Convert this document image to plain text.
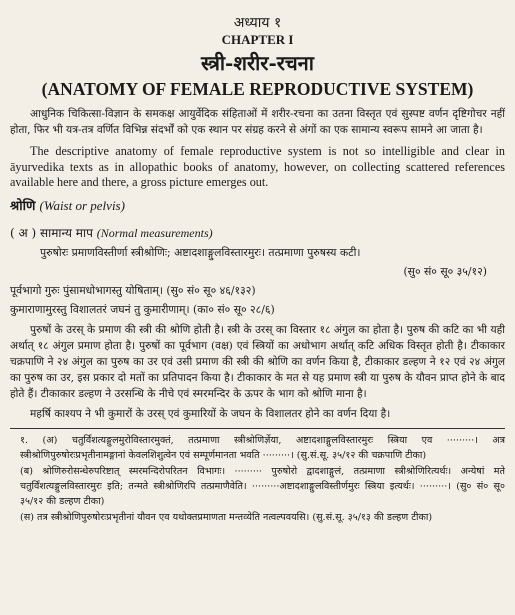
अध्याय १
CHAPTER I
स्त्री-शरीर-रचना
(ANATOMY OF FEMALE REPRODUCTIVE SYSTEM)

आधुनिक चिकित्सा-विज्ञान के समकक्ष आयुर्वेदिक संहिताओं में शरीर-रचना का उतना विस्तृत एवं सुस्पष्ट वर्णन दृष्टिगोचर नहीं होता, फिर भी यत्र-तत्र वर्णित विभिन्न संदर्भों को एक स्थान पर संग्रह करने से अंगों का एक सामान्य स्वरूप सामने आ जाता है।

The descriptive anatomy of female reproductive system is not so intelligible and clear in āyurvedika texts as in allopathic books of anatomy, however, on collecting scattered references available here and there, a gross picture emerges out.

श्रोणि (Waist or pelvis)
( अ ) सामान्य माप (Normal measurements)
पुरुषोरः प्रमाणविस्तीर्णा स्त्रीश्रोणिः; अष्टादशाङ्गुलविस्तारमुरः। तत्प्रमाणा पुरुषस्य कटी।
(सु० सं० सू० ३५/१२)
पूर्वभागो गुरुः पुंसामधोभागस्तु योषिताम्। (सु० सं० सू० ४६/१३२)
कुमाराणामुरस्तु विशालतरं जघनं तु कुमारीणाम्। (का० सं० सू० २८/६)

पुरुषों के उरस् के प्रमाण की स्त्री की श्रोणि होती है। स्त्री के उरस् का विस्तार १८ अंगुल का होता है। पुरुष की कटि का भी यही अर्थात् १८ अंगुल प्रमाण होता है। पुरुषों का पूर्वभाग (वक्ष) एवं स्त्रियों का अधोभाग अर्थात् कटि अधिक विस्तृत होती है। टीकाकार चक्रपाणि ने २४ अंगुल का पुरुष का उर एवं उसी प्रमाण की स्त्री की श्रोणि का वर्णन किया है, टीकाकार डल्हण ने १२ एवं २४ अंगुल का पुरुष का उर, इस प्रकार दो मतों का प्रतिपादन किया है। टीकाकार के मत से यह प्रमाण स्त्री या पुरुष के यौवन प्राप्त होने के बाद होते हैं। टीकाकार डल्हण ने उरसन्धि के नीचे एवं स्मरमन्दिर के ऊपर के भाग को श्रोणि माना है।

महर्षि काश्यप ने भी कुमारों के उरस् एवं कुमारियों के जघन के विशालतर होने का वर्णन दिया है।

१. (अ) चतुर्विंशत्यङ्गुलमुरोविस्तारमुक्तं, तत्प्रमाणा स्त्रीश्रोणिर्ज्ञेया, अष्टादशाङ्गुलविस्तारमुरः स्त्रिया एव ·········। अत्र स्त्रीश्रोणिपुरुषोरःप्रभृतीनामङ्गानां केवलशिशुत्वेन एवं सम्पूर्णमानता भवति ·········। (सु.सं.सू. ३५/१२ की चक्रपाणि टीका)

(ब) श्रोणिरुरोसन्धेरुपरिष्टात् स्मरमन्दिरोपरितन विभागः। ········· पुरुषोरो द्वादशाङ्गुलं, तत्प्रमाणा स्त्रीश्रोणिरित्यर्थः। अन्येषां मते चतुर्विंशत्यङ्गुलविस्तारमुरः इति; तन्मते स्त्रीश्रोणिरपि तत्प्रमाणैवेति। ·········अष्टादशाङ्गुलविस्तीर्णमुरः स्त्रिया इत्यर्थः। ·········। (सु० सं० सू० ३५/१२ की डल्हण टीका)

(स) तत्र स्त्रीश्रोणिपुरुषोरःप्रभृतीनां यौवन एव यथोक्तप्रमाणता मन्तव्येति नत्वल्पवयसि। (सु.सं.सू. ३५/१३ की डल्हण टीका)
